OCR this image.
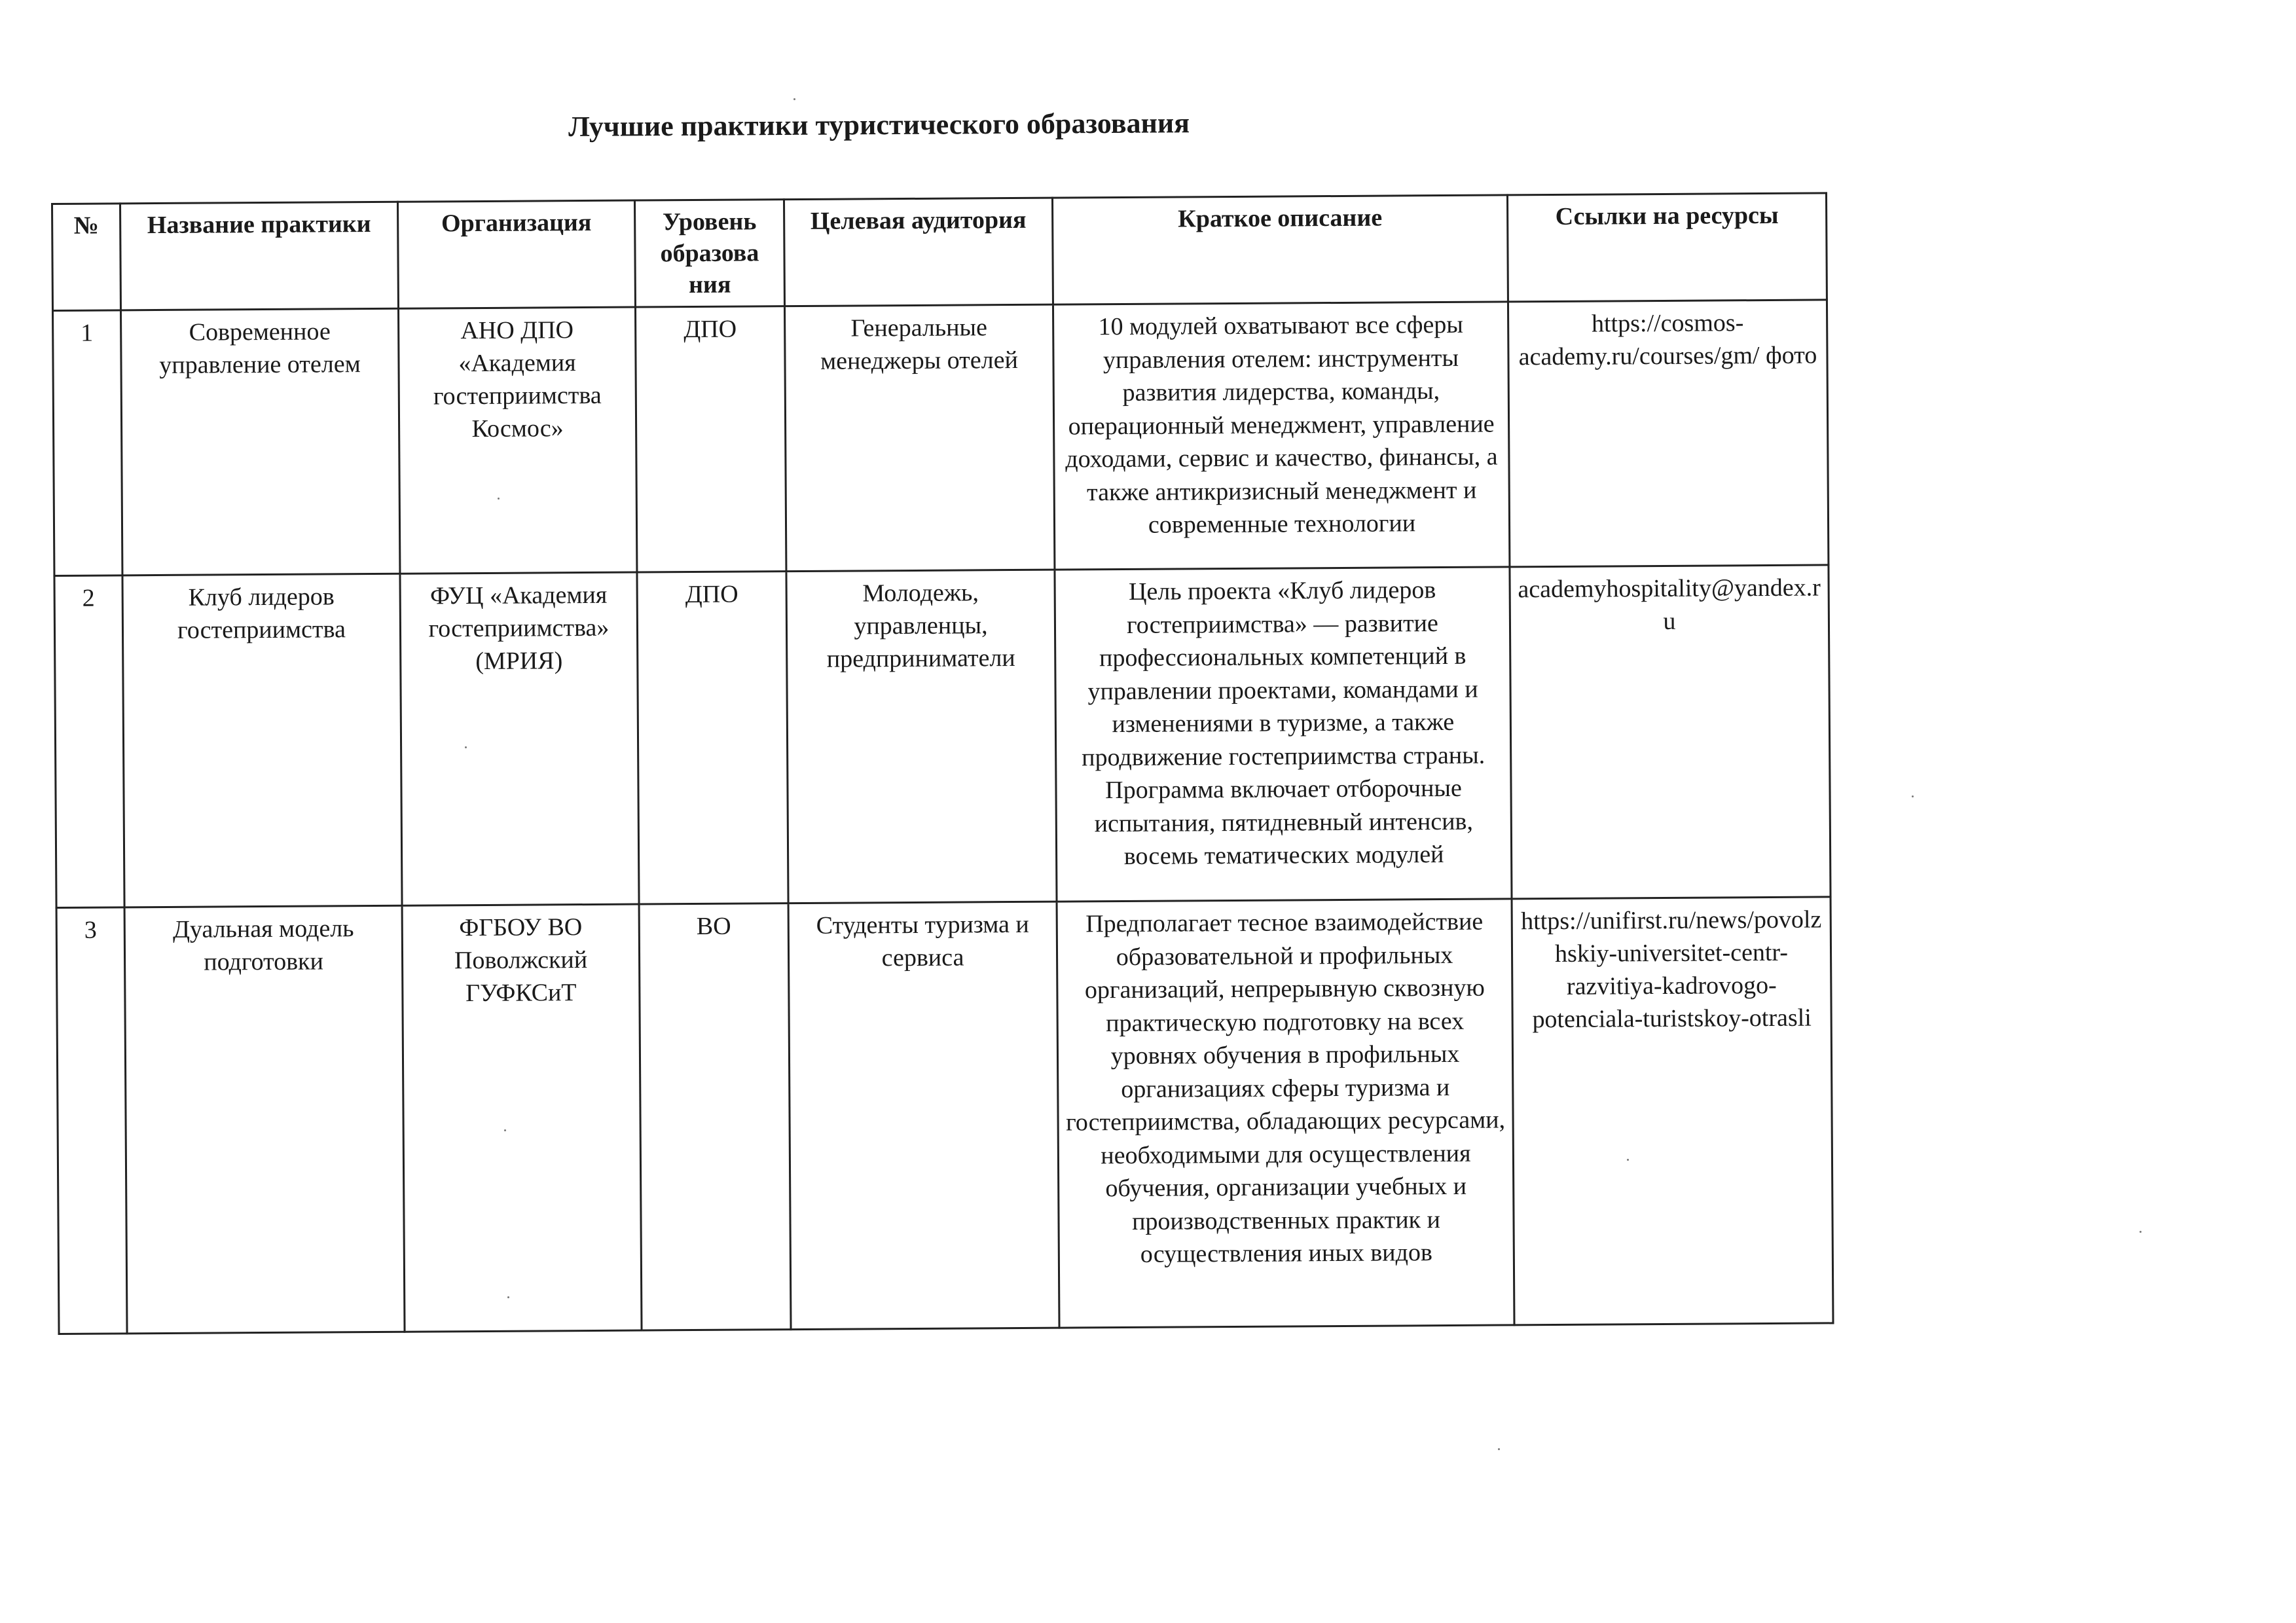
Лучшие практики туристического образования
№	Название практики	Организация	Уровень образова ния	Целевая аудитория	Краткое описание	Ссылки на ресурсы
1	Современное управление отелем	АНО ДПО «Академия гостеприимства Космос»	ДПО	Генеральные менеджеры отелей	10 модулей охватывают все сферы управления отелем: инструменты развития лидерства, команды, операционный менеджмент, управление доходами, сервис и качество, финансы, а также антикризисный менеджмент и современные технологии	https://cosmos-academy.ru/courses/gm/ фото
2	Клуб лидеров гостеприимства	ФУЦ «Академия гостеприимства» (МРИЯ)	ДПО	Молодежь, управленцы, предприниматели	Цель проекта «Клуб лидеров гостеприимства» — развитие профессиональных компетенций в управлении проектами, командами и изменениями в туризме, а также продвижение гостеприимства страны. Программа включает отборочные испытания, пятидневный интенсив, восемь тематических модулей	academyhospitality@yandex.ru
3	Дуальная модель подготовки	ФГБОУ ВО Поволжский ГУФКСиТ	ВО	Студенты туризма и сервиса	Предполагает тесное взаимодействие образовательной и профильных организаций, непрерывную сквозную практическую подготовку на всех уровнях обучения в профильных организациях сферы туризма и гостеприимства, обладающих ресурсами, необходимыми для осуществления обучения, организации учебных и производственных практик и осуществления иных видов	https://unifirst.ru/news/povolzhskiy-universitet-centr-razvitiya-kadrovogo-potenciala-turistskoy-otrasli
